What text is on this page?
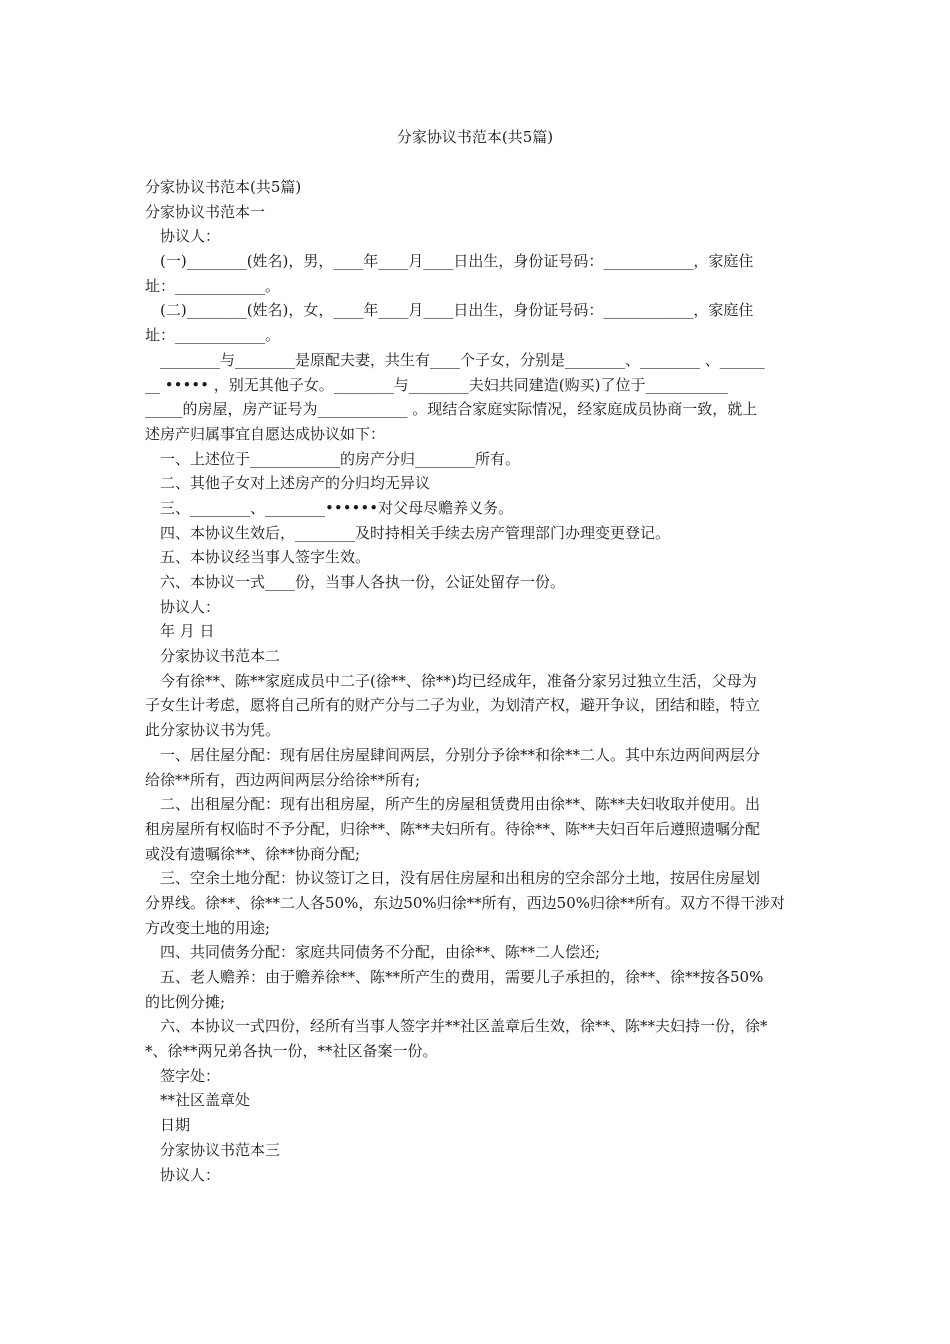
分家协议书范本(共5篇)
分家协议书范本(共5篇)
分家协议书范本一
协议人：
(一)________(姓名)，男，____年____月____日出生，身份证号码：____________，家庭住
址：____________。
(二)________(姓名)，女，____年____月____日出生，身份证号码：____________，家庭住
址：____________。
________与________是原配夫妻，共生有____个子女，分别是________、________ 、______
__ ••••• ，别无其他子女。________与________夫妇共同建造(购买)了位于___________
_____的房屋，房产证号为____________ 。现结合家庭实际情况，经家庭成员协商一致，就上
述房产归属事宜自愿达成协议如下：
一、上述位于____________的房产分归________所有。
二、其他子女对上述房产的分归均无异议
三、________、________••••••对父母尽赡养义务。
四、本协议生效后，________及时持相关手续去房产管理部门办理变更登记。
五、本协议经当事人签字生效。
六、本协议一式____份，当事人各执一份，公证处留存一份。
协议人：
年 月 日
分家协议书范本二
今有徐**、陈**家庭成员中二子(徐**、徐**)均已经成年，准备分家另过独立生活，父母为
子女生计考虑，愿将自己所有的财产分与二子为业，为划清产权，避开争议，团结和睦，特立
此分家协议书为凭。
一、居住屋分配：现有居住房屋肆间两层，分别分予徐**和徐**二人。其中东边两间两层分
给徐**所有，西边两间两层分给徐**所有;
二、出租屋分配：现有出租房屋，所产生的房屋租赁费用由徐**、陈**夫妇收取并使用。出
租房屋所有权临时不予分配，归徐**、陈**夫妇所有。待徐**、陈**夫妇百年后遵照遗嘱分配
或没有遗嘱徐**、徐**协商分配;
三、空余土地分配：协议签订之日，没有居住房屋和出租房的空余部分土地，按居住房屋划
分界线。徐**、徐**二人各50%，东边50%归徐**所有，西边50%归徐**所有。双方不得干涉对
方改变土地的用途;
四、共同债务分配：家庭共同债务不分配，由徐**、陈**二人偿还;
五、老人赡养：由于赡养徐**、陈**所产生的费用，需要儿子承担的，徐**、徐**按各50%
的比例分摊;
六、本协议一式四份，经所有当事人签字并**社区盖章后生效，徐**、陈**夫妇持一份，徐*
*、徐**两兄弟各执一份，**社区备案一份。
签字处：
**社区盖章处
日期
分家协议书范本三
协议人：
